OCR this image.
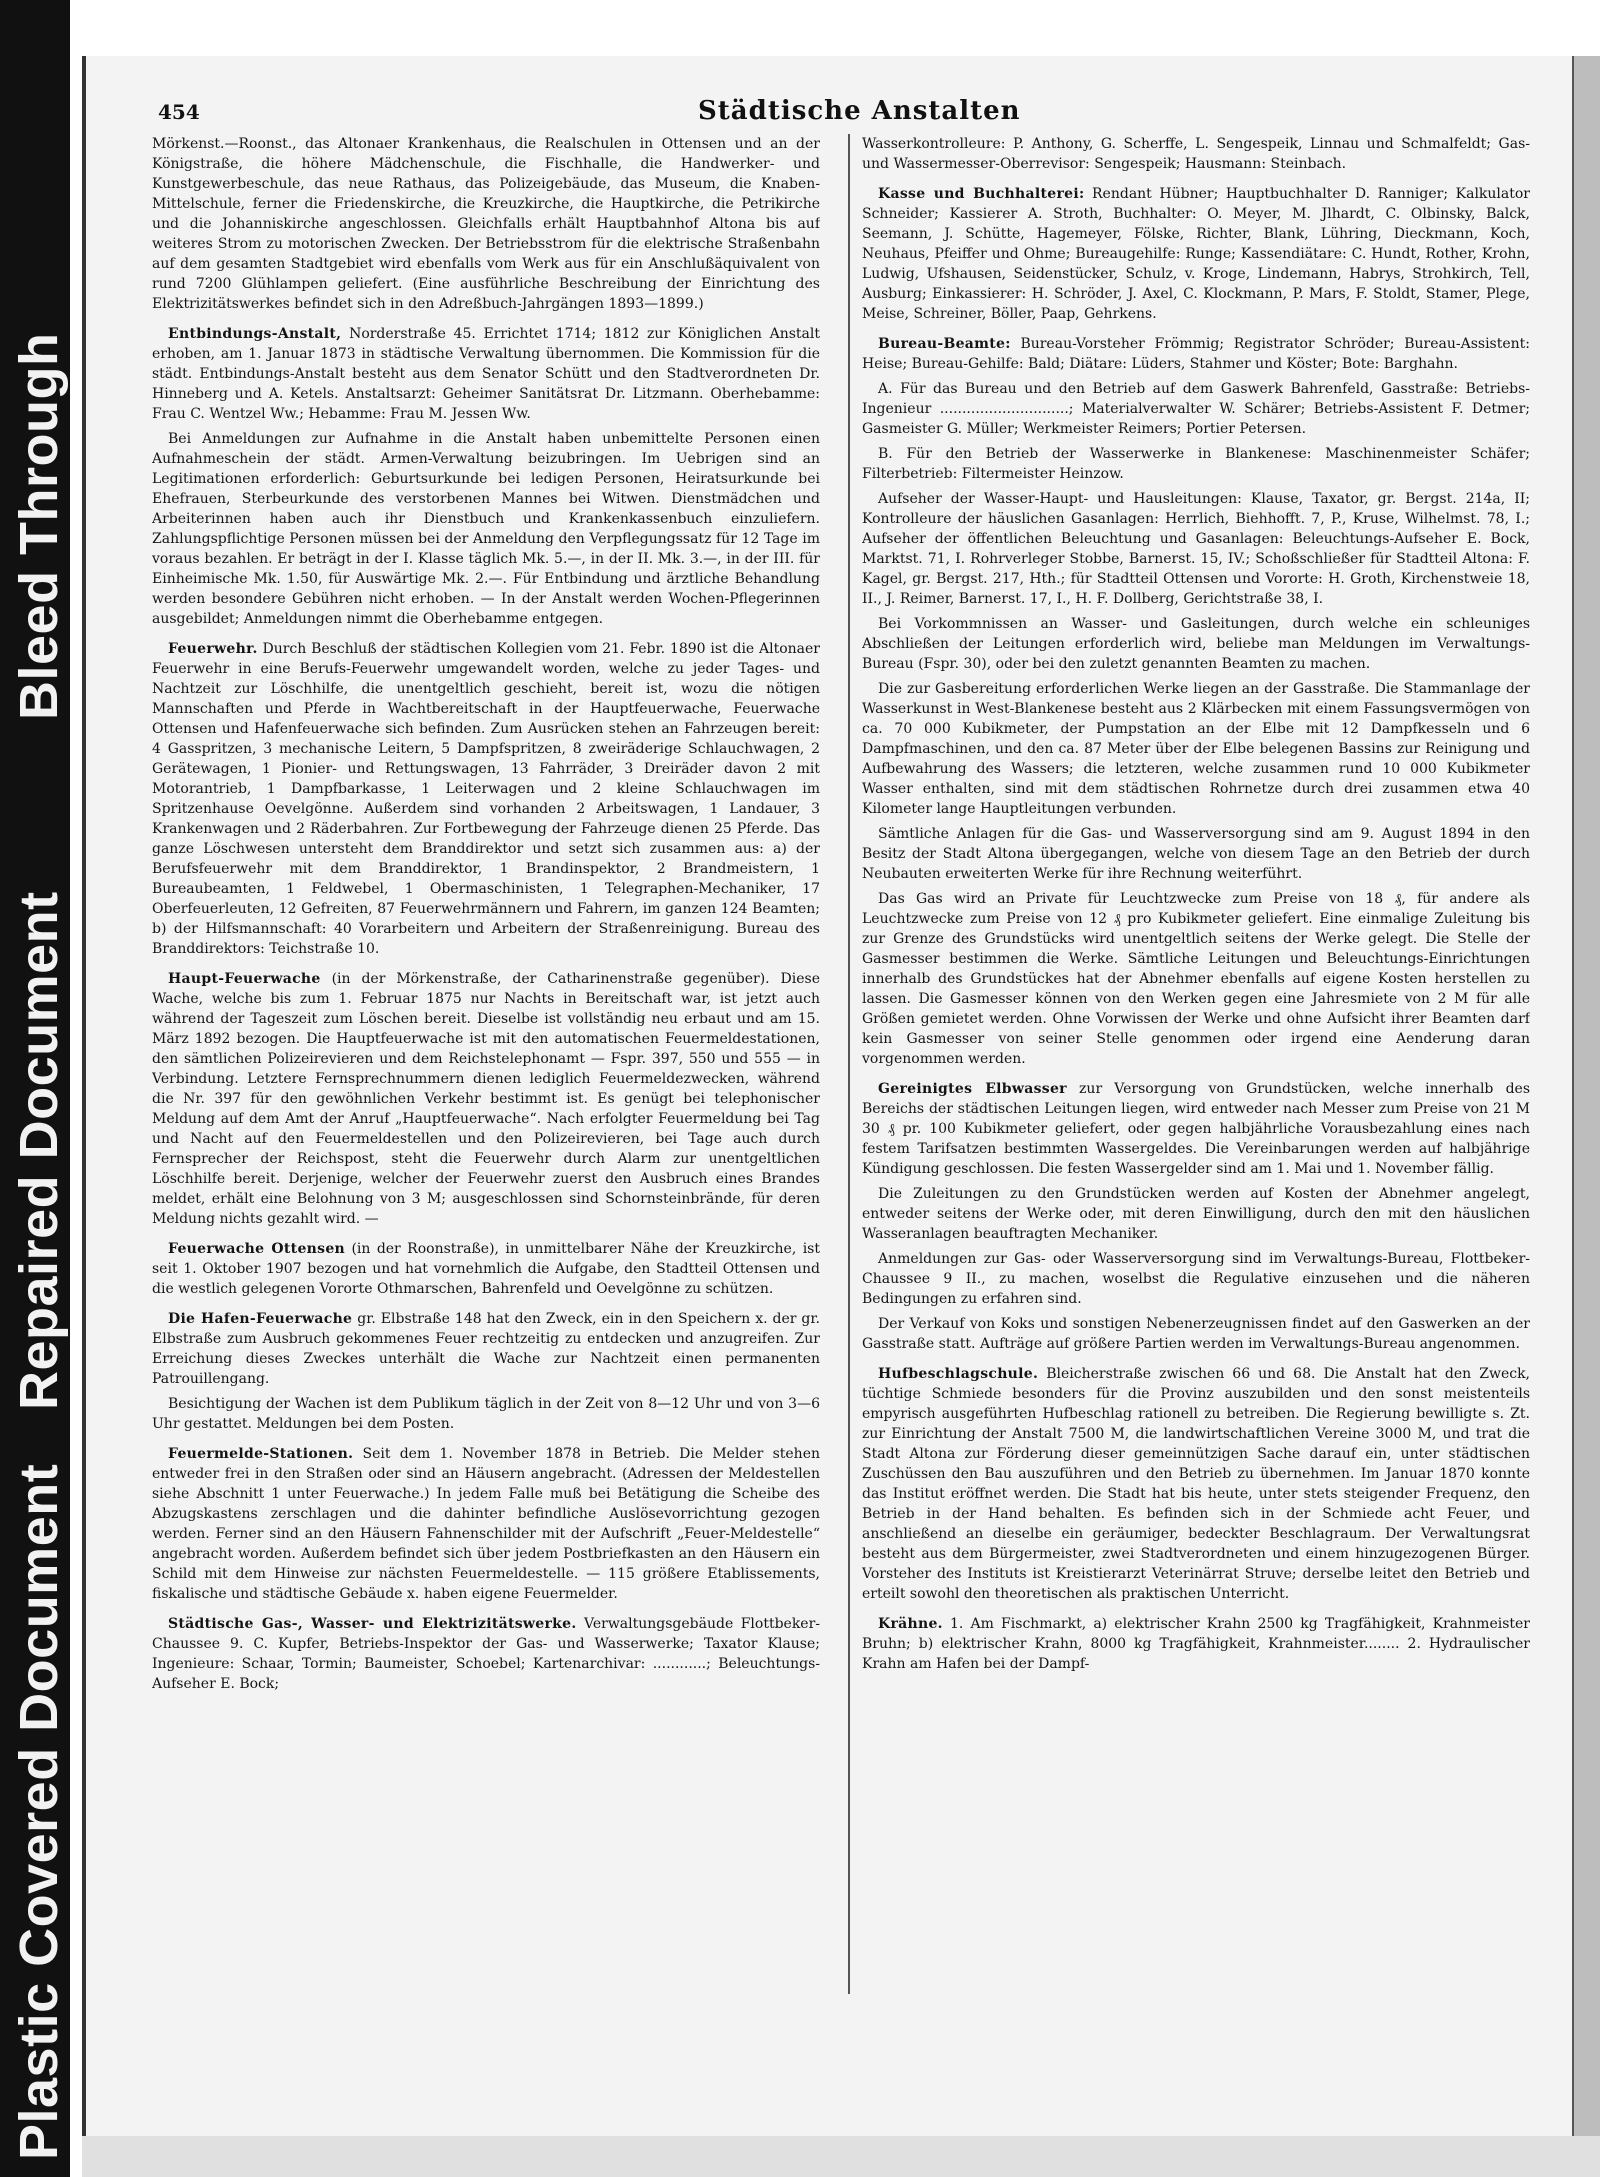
Bleed Through
Repaired Document
Plastic Covered Document
454	Städtische Anstalten

Mörkenst.—Roonst., das Altonaer Krankenhaus, die Realschulen in Ottensen und an der Königstraße, die höhere Mädchenschule, die Fischhalle, die Handwerker- und Kunstgewerbeschule, das neue Rathaus, das Polizeigebäude, das Museum, die Knaben-Mittelschule, ferner die Friedenskirche, die Kreuzkirche, die Hauptkirche, die Petrikirche und die Johanniskirche angeschlossen. Gleichfalls erhält Hauptbahnhof Altona bis auf weiteres Strom zu motorischen Zwecken. Der Betriebsstrom für die elektrische Straßenbahn auf dem gesamten Stadtgebiet wird ebenfalls vom Werk aus für ein Anschlußäquivalent von rund 7200 Glühlampen geliefert. (Eine ausführliche Beschreibung der Einrichtung des Elektrizitätswerkes befindet sich in den Adreßbuch-Jahrgängen 1893—1899.)

Entbindungs-Anstalt, Norderstraße 45. Errichtet 1714; 1812 zur Königlichen Anstalt erhoben, am 1. Januar 1873 in städtische Verwaltung übernommen. Die Kommission für die städt. Entbindungs-Anstalt besteht aus dem Senator Schütt und den Stadtverordneten Dr. Hinneberg und A. Ketels. Anstaltsarzt: Geheimer Sanitätsrat Dr. Litzmann. Oberhebamme: Frau C. Wentzel Ww.; Hebamme: Frau M. Jessen Ww.

Bei Anmeldungen zur Aufnahme in die Anstalt haben unbemittelte Personen einen Aufnahmeschein der städt. Armen-Verwaltung beizubringen. Im Uebrigen sind an Legitimationen erforderlich: Geburtsurkunde bei ledigen Personen, Heiratsurkunde bei Ehefrauen, Sterbeurkunde des verstorbenen Mannes bei Witwen. Dienstmädchen und Arbeiterinnen haben auch ihr Dienstbuch und Krankenkassenbuch einzuliefern. Zahlungspflichtige Personen müssen bei der Anmeldung den Verpflegungssatz für 12 Tage im voraus bezahlen. Er beträgt in der I. Klasse täglich Mk. 5.—, in der II. Mk. 3.—, in der III. für Einheimische Mk. 1.50, für Auswärtige Mk. 2.—. Für Entbindung und ärztliche Behandlung werden besondere Gebühren nicht erhoben. — In der Anstalt werden Wochen-Pflegerinnen ausgebildet; Anmeldungen nimmt die Oberhebamme entgegen.

Feuerwehr. Durch Beschluß der städtischen Kollegien vom 21. Febr. 1890 ist die Altonaer Feuerwehr in eine Berufs-Feuerwehr umgewandelt worden, welche zu jeder Tages- und Nachtzeit zur Löschhilfe, die unentgeltlich geschieht, bereit ist, wozu die nötigen Mannschaften und Pferde in Wachtbereitschaft in der Hauptfeuerwache, Feuerwache Ottensen und Hafenfeuerwache sich befinden. Zum Ausrücken stehen an Fahrzeugen bereit: 4 Gasspritzen, 3 mechanische Leitern, 5 Dampfspritzen, 8 zweiräderige Schlauchwagen, 2 Gerätewagen, 1 Pionier- und Rettungswagen, 13 Fahrräder, 3 Dreiräder davon 2 mit Motorantrieb, 1 Dampfbarkasse, 1 Leiterwagen und 2 kleine Schlauchwagen im Spritzenhause Oevelgönne. Außerdem sind vorhanden 2 Arbeitswagen, 1 Landauer, 3 Krankenwagen und 2 Räderbahren. Zur Fortbewegung der Fahrzeuge dienen 25 Pferde. Das ganze Löschwesen untersteht dem Branddirektor und setzt sich zusammen aus: a) der Berufsfeuerwehr mit dem Branddirektor, 1 Brandinspektor, 2 Brandmeistern, 1 Bureaubeamten, 1 Feldwebel, 1 Obermaschinisten, 1 Telegraphen-Mechaniker, 17 Oberfeuerleuten, 12 Gefreiten, 87 Feuerwehrmännern und Fahrern, im ganzen 124 Beamten; b) der Hilfsmannschaft: 40 Vorarbeitern und Arbeitern der Straßenreinigung. Bureau des Branddirektors: Teichstraße 10.

Haupt-Feuerwache (in der Mörkenstraße, der Catharinenstraße gegenüber). Diese Wache, welche bis zum 1. Februar 1875 nur Nachts in Bereitschaft war, ist jetzt auch während der Tageszeit zum Löschen bereit. Dieselbe ist vollständig neu erbaut und am 15. März 1892 bezogen. Die Hauptfeuerwache ist mit den automatischen Feuermeldestationen, den sämtlichen Polizeirevieren und dem Reichstelephonamt — Fspr. 397, 550 und 555 — in Verbindung. Letztere Fernsprechnummern dienen lediglich Feuermeldezwecken, während die Nr. 397 für den gewöhnlichen Verkehr bestimmt ist. Es genügt bei telephonischer Meldung auf dem Amt der Anruf „Hauptfeuerwache“. Nach erfolgter Feuermeldung bei Tag und Nacht auf den Feuermeldestellen und den Polizeirevieren, bei Tage auch durch Fernsprecher der Reichspost, steht die Feuerwehr durch Alarm zur unentgeltlichen Löschhilfe bereit. Derjenige, welcher der Feuerwehr zuerst den Ausbruch eines Brandes meldet, erhält eine Belohnung von 3 M; ausgeschlossen sind Schornsteinbrände, für deren Meldung nichts gezahlt wird. —

Feuerwache Ottensen (in der Roonstraße), in unmittelbarer Nähe der Kreuzkirche, ist seit 1. Oktober 1907 bezogen und hat vornehmlich die Aufgabe, den Stadtteil Ottensen und die westlich gelegenen Vororte Othmarschen, Bahrenfeld und Oevelgönne zu schützen.

Die Hafen-Feuerwache gr. Elbstraße 148 hat den Zweck, ein in den Speichern x. der gr. Elbstraße zum Ausbruch gekommenes Feuer rechtzeitig zu entdecken und anzugreifen. Zur Erreichung dieses Zweckes unterhält die Wache zur Nachtzeit einen permanenten Patrouillengang.

Besichtigung der Wachen ist dem Publikum täglich in der Zeit von 8—12 Uhr und von 3—6 Uhr gestattet. Meldungen bei dem Posten.

Feuermelde-Stationen. Seit dem 1. November 1878 in Betrieb. Die Melder stehen entweder frei in den Straßen oder sind an Häusern angebracht. (Adressen der Meldestellen siehe Abschnitt 1 unter Feuerwache.) In jedem Falle muß bei Betätigung die Scheibe des Abzugskastens zerschlagen und die dahinter befindliche Auslösevorrichtung gezogen werden. Ferner sind an den Häusern Fahnenschilder mit der Aufschrift „Feuer-Meldestelle“ angebracht worden. Außerdem befindet sich über jedem Postbriefkasten an den Häusern ein Schild mit dem Hinweise zur nächsten Feuermeldestelle. — 115 größere Etablissements, fiskalische und städtische Gebäude x. haben eigene Feuermelder.

Städtische Gas-, Wasser- und Elektrizitätswerke. Verwaltungsgebäude Flottbeker-Chaussee 9. C. Kupfer, Betriebs-Inspektor der Gas- und Wasserwerke; Taxator Klause; Ingenieure: Schaar, Tormin; Baumeister, Schoebel; Kartenarchivar: ............; Beleuchtungs-Aufseher E. Bock;

Wasserkontrolleure: P. Anthony, G. Scherffe, L. Sengespeik, Linnau und Schmalfeldt; Gas- und Wassermesser-Oberrevisor: Sengespeik; Hausmann: Steinbach.

Kasse und Buchhalterei: Rendant Hübner; Hauptbuchhalter D. Ranniger; Kalkulator Schneider; Kassierer A. Stroth, Buchhalter: O. Meyer, M. Jlhardt, C. Olbinsky, Balck, Seemann, J. Schütte, Hagemeyer, Fölske, Richter, Blank, Lühring, Dieckmann, Koch, Neuhaus, Pfeiffer und Ohme; Bureaugehilfe: Runge; Kassendiätare: C. Hundt, Rother, Krohn, Ludwig, Ufshausen, Seidenstücker, Schulz, v. Kroge, Lindemann, Habrys, Strohkirch, Tell, Ausburg; Einkassierer: H. Schröder, J. Axel, C. Klockmann, P. Mars, F. Stoldt, Stamer, Plege, Meise, Schreiner, Böller, Paap, Gehrkens.

Bureau-Beamte: Bureau-Vorsteher Frömmig; Registrator Schröder; Bureau-Assistent: Heise; Bureau-Gehilfe: Bald; Diätare: Lüders, Stahmer und Köster; Bote: Barghahn.

A. Für das Bureau und den Betrieb auf dem Gaswerk Bahrenfeld, Gasstraße: Betriebs-Ingenieur .............................; Materialverwalter W. Schärer; Betriebs-Assistent F. Detmer; Gasmeister G. Müller; Werkmeister Reimers; Portier Petersen.

B. Für den Betrieb der Wasserwerke in Blankenese: Maschinenmeister Schäfer; Filterbetrieb: Filtermeister Heinzow.

Aufseher der Wasser-Haupt- und Hausleitungen: Klause, Taxator, gr. Bergst. 214a, II; Kontrolleure der häuslichen Gasanlagen: Herrlich, Biehhofft. 7, P., Kruse, Wilhelmst. 78, I.; Aufseher der öffentlichen Beleuchtung und Gasanlagen: Beleuchtungs-Aufseher E. Bock, Marktst. 71, I. Rohrverleger Stobbe, Barnerst. 15, IV.; Schoßschließer für Stadtteil Altona: F. Kagel, gr. Bergst. 217, Hth.; für Stadtteil Ottensen und Vororte: H. Groth, Kirchenstweie 18, II., J. Reimer, Barnerst. 17, I., H. F. Dollberg, Gerichtstraße 38, I.

Bei Vorkommnissen an Wasser- und Gasleitungen, durch welche ein schleuniges Abschließen der Leitungen erforderlich wird, beliebe man Meldungen im Verwaltungs-Bureau (Fspr. 30), oder bei den zuletzt genannten Beamten zu machen.

Die zur Gasbereitung erforderlichen Werke liegen an der Gasstraße. Die Stammanlage der Wasserkunst in West-Blankenese besteht aus 2 Klärbecken mit einem Fassungsvermögen von ca. 70 000 Kubikmeter, der Pumpstation an der Elbe mit 12 Dampfkesseln und 6 Dampfmaschinen, und den ca. 87 Meter über der Elbe belegenen Bassins zur Reinigung und Aufbewahrung des Wassers; die letzteren, welche zusammen rund 10 000 Kubikmeter Wasser enthalten, sind mit dem städtischen Rohrnetze durch drei zusammen etwa 40 Kilometer lange Hauptleitungen verbunden.

Sämtliche Anlagen für die Gas- und Wasserversorgung sind am 9. August 1894 in den Besitz der Stadt Altona übergegangen, welche von diesem Tage an den Betrieb der durch Neubauten erweiterten Werke für ihre Rechnung weiterführt.

Das Gas wird an Private für Leuchtzwecke zum Preise von 18 ₰, für andere als Leuchtzwecke zum Preise von 12 ₰ pro Kubikmeter geliefert. Eine einmalige Zuleitung bis zur Grenze des Grundstücks wird unentgeltlich seitens der Werke gelegt. Die Stelle der Gasmesser bestimmen die Werke. Sämtliche Leitungen und Beleuchtungs-Einrichtungen innerhalb des Grundstückes hat der Abnehmer ebenfalls auf eigene Kosten herstellen zu lassen. Die Gasmesser können von den Werken gegen eine Jahresmiete von 2 M für alle Größen gemietet werden. Ohne Vorwissen der Werke und ohne Aufsicht ihrer Beamten darf kein Gasmesser von seiner Stelle genommen oder irgend eine Aenderung daran vorgenommen werden.

Gereinigtes Elbwasser zur Versorgung von Grundstücken, welche innerhalb des Bereichs der städtischen Leitungen liegen, wird entweder nach Messer zum Preise von 21 M 30 ₰ pr. 100 Kubikmeter geliefert, oder gegen halbjährliche Vorausbezahlung eines nach festem Tarifsatzen bestimmten Wassergeldes. Die Vereinbarungen werden auf halbjährige Kündigung geschlossen. Die festen Wassergelder sind am 1. Mai und 1. November fällig.

Die Zuleitungen zu den Grundstücken werden auf Kosten der Abnehmer angelegt, entweder seitens der Werke oder, mit deren Einwilligung, durch den mit den häuslichen Wasseranlagen beauftragten Mechaniker.

Anmeldungen zur Gas- oder Wasserversorgung sind im Verwaltungs-Bureau, Flottbeker-Chaussee 9 II., zu machen, woselbst die Regulative einzusehen und die näheren Bedingungen zu erfahren sind.

Der Verkauf von Koks und sonstigen Nebenerzeugnissen findet auf den Gaswerken an der Gasstraße statt. Aufträge auf größere Partien werden im Verwaltungs-Bureau angenommen.

Hufbeschlagschule. Bleicherstraße zwischen 66 und 68. Die Anstalt hat den Zweck, tüchtige Schmiede besonders für die Provinz auszubilden und den sonst meistenteils empyrisch ausgeführten Hufbeschlag rationell zu betreiben. Die Regierung bewilligte s. Zt. zur Einrichtung der Anstalt 7500 M, die landwirtschaftlichen Vereine 3000 M, und trat die Stadt Altona zur Förderung dieser gemeinnützigen Sache darauf ein, unter städtischen Zuschüssen den Bau auszuführen und den Betrieb zu übernehmen. Im Januar 1870 konnte das Institut eröffnet werden. Die Stadt hat bis heute, unter stets steigender Frequenz, den Betrieb in der Hand behalten. Es befinden sich in der Schmiede acht Feuer, und anschließend an dieselbe ein geräumiger, bedeckter Beschlagraum. Der Verwaltungsrat besteht aus dem Bürgermeister, zwei Stadtverordneten und einem hinzugezogenen Bürger. Vorsteher des Instituts ist Kreistierarzt Veterinärrat Struve; derselbe leitet den Betrieb und erteilt sowohl den theoretischen als praktischen Unterricht.

Krähne. 1. Am Fischmarkt, a) elektrischer Krahn 2500 kg Tragfähigkeit, Krahnmeister Bruhn; b) elektrischer Krahn, 8000 kg Tragfähigkeit, Krahnmeister........ 2. Hydraulischer Krahn am Hafen bei der Dampf-
